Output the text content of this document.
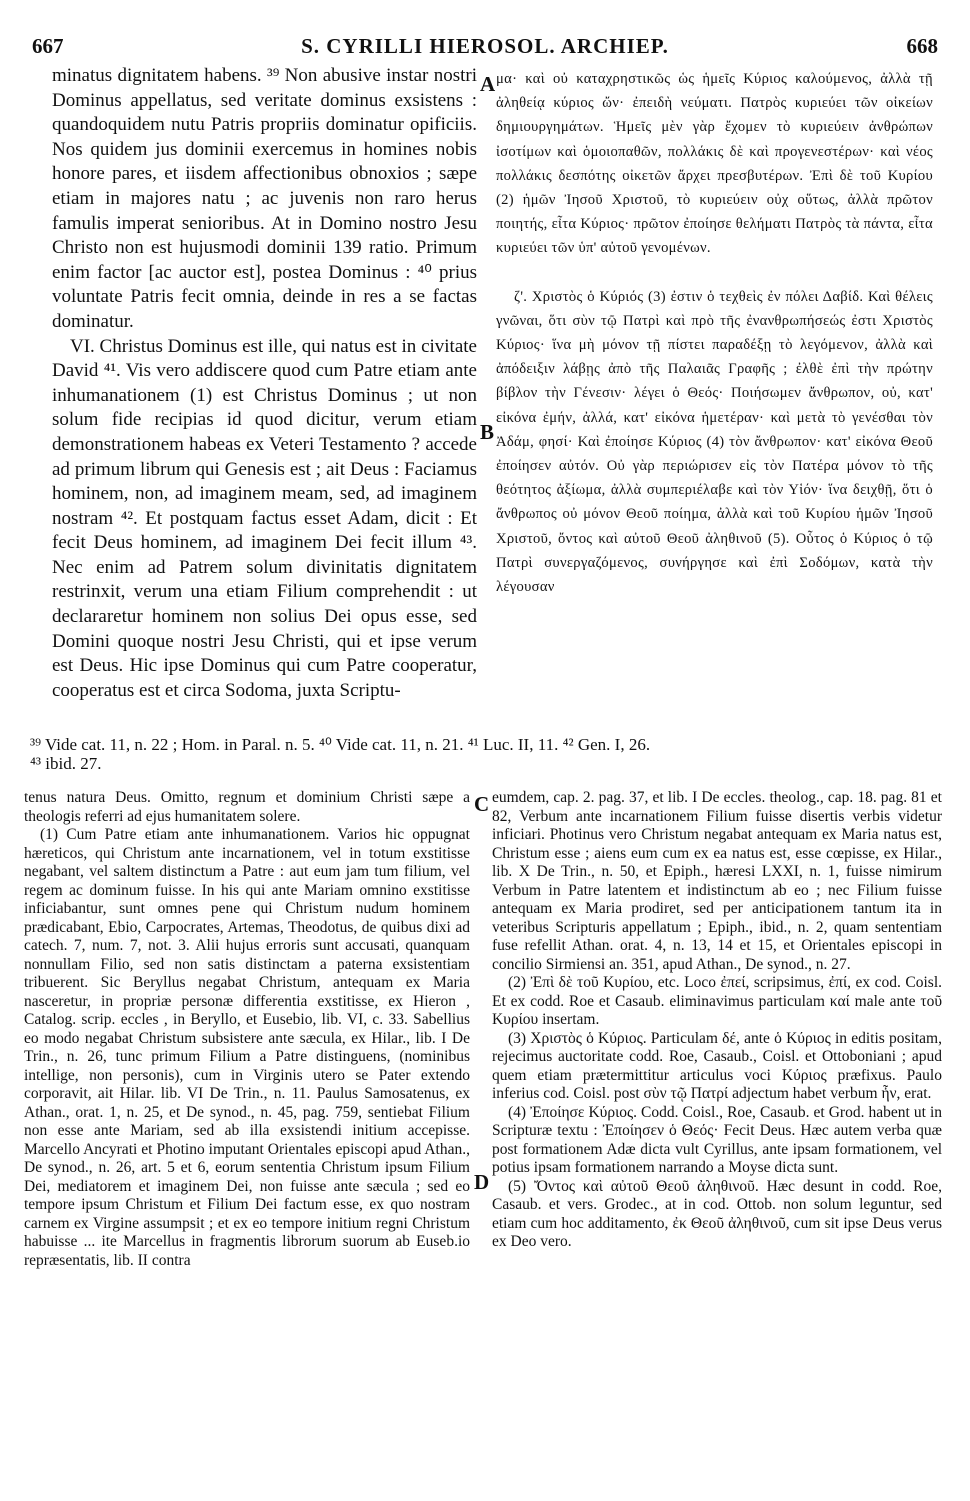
667	S. CYRILLI HIEROSOL. ARCHIEP.	668

minatus dignitatem habens. ³⁹ Non abusive instar nostri Dominus appellatus, sed veritate dominus exsistens : quandoquidem nutu Patris propriis dominatur opificiis. Nos quidem jus dominii exercemus in homines nobis honore pares, et iisdem affectionibus obnoxios ; sæpe etiam in majores natu ; ac juvenis non raro herus famulis imperat senioribus. At in Domino nostro Jesu Christo non est hujusmodi dominii 139 ratio. Primum enim factor [ac auctor est], postea Dominus : ⁴⁰ prius voluntate Patris fecit omnia, deinde in res a se factas dominatur.

VI. Christus Dominus est ille, qui natus est in civitate David ⁴¹. Vis vero addiscere quod cum Patre etiam ante inhumanationem (1) est Christus Dominus ; ut non solum fide recipias id quod dicitur, verum etiam demonstrationem habeas ex Veteri Testamento ? accede ad primum librum qui Genesis est ; ait Deus : Faciamus hominem, non, ad imaginem meam, sed, ad imaginem nostram ⁴². Et postquam factus esset Adam, dicit : Et fecit Deus hominem, ad imaginem Dei fecit illum ⁴³. Nec enim ad Patrem solum divinitatis dignitatem restrinxit, verum una etiam Filium comprehendit : ut declararetur hominem non solius Dei opus esse, sed Domini quoque nostri Jesu Christi, qui et ipse verum est Deus. Hic ipse Dominus qui cum Patre cooperatur, cooperatus est et circa Sodoma, juxta Scriptu-

A
B

μα· καὶ οὐ καταχρηστικῶς ὡς ἡμεῖς Κύριος καλούμενος, ἀλλὰ τῇ ἀληθείᾳ κύριος ὤν· ἐπειδὴ νεύματι. Πατρὸς κυριεύει τῶν οἰκείων δημιουργημάτων. Ἡμεῖς μὲν γὰρ ἔχομεν τὸ κυριεύειν ἀνθρώπων ἰσοτίμων καὶ ὁμοιοπαθῶν, πολλάκις δὲ καὶ προγενεστέρων· καὶ νέος πολλάκις δεσπότης οἰκετῶν ἄρχει πρεσβυτέρων. Ἐπὶ δὲ τοῦ Κυρίου (2) ἡμῶν Ἰησοῦ Χριστοῦ, τὸ κυριεύειν οὐχ οὕτως, ἀλλὰ πρῶτον ποιητής, εἶτα Κύριος· πρῶτον ἐποίησε θελήματι Πατρὸς τὰ πάντα, εἶτα κυριεύει τῶν ὑπ' αὐτοῦ γενομένων.

ζ'. Χριστὸς ὁ Κύριός (3) ἐστιν ὁ τεχθεὶς ἐν πόλει Δαβίδ. Καὶ θέλεις γνῶναι, ὅτι σὺν τῷ Πατρὶ καὶ πρὸ τῆς ἐνανθρωπήσεώς ἐστι Χριστὸς Κύριος· ἵνα μὴ μόνον τῇ πίστει παραδέξῃ τὸ λεγόμενον, ἀλλὰ καὶ ἀπόδειξιν λάβῃς ἀπὸ τῆς Παλαιᾶς Γραφῆς ; ἐλθὲ ἐπὶ τὴν πρώτην βίβλον τὴν Γένεσιν· λέγει ὁ Θεός· Ποιήσωμεν ἄνθρωπον, οὐ, κατ' εἰκόνα ἐμήν, ἀλλά, κατ' εἰκόνα ἡμετέραν· καὶ μετὰ τὸ γενέσθαι τὸν Ἀδάμ, φησί· Καὶ ἐποίησε Κύριος (4) τὸν ἄνθρωπον· κατ' εἰκόνα Θεοῦ ἐποίησεν αὐτόν. Οὐ γὰρ περιώρισεν εἰς τὸν Πατέρα μόνον τὸ τῆς θεότητος ἀξίωμα, ἀλλὰ συμπεριέλαβε καὶ τὸν Υἱόν· ἵνα δειχθῇ, ὅτι ὁ ἄνθρωπος οὐ μόνον Θεοῦ ποίημα, ἀλλὰ καὶ τοῦ Κυρίου ἡμῶν Ἰησοῦ Χριστοῦ, ὄντος καὶ αὐτοῦ Θεοῦ ἀληθινοῦ (5). Οὗτος ὁ Κύριος ὁ τῷ Πατρὶ συνεργαζόμενος, συνήργησε καὶ ἐπὶ Σοδόμων, κατὰ τὴν λέγουσαν

³⁹ Vide cat. 11, n. 22 ; Hom. in Paral. n. 5. ⁴⁰ Vide cat. 11, n. 21. ⁴¹ Luc. II, 11. ⁴² Gen. I, 26.
⁴³ ibid. 27.
C
D

tenus natura Deus. Omitto, regnum et dominium Christi sæpe a theologis referri ad ejus humanitatem solere.

(1) Cum Patre etiam ante inhumanationem. Varios hic oppugnat hæreticos, qui Christum ante incarnationem, vel in totum exstitisse negabant, vel saltem distinctum a Patre : aut eum jam tum filium, vel regem ac dominum fuisse. In his qui ante Mariam omnino exstitisse inficiabantur, sunt omnes pene qui Christum nudum hominem prædicabant, Ebio, Carpocrates, Artemas, Theodotus, de quibus dixi ad catech. 7, num. 7, not. 3. Alii hujus erroris sunt accusati, quanquam nonnullam Filio, sed non satis distinctam a paterna exsistentiam tribuerent. Sic Beryllus negabat Christum, antequam ex Maria nasceretur, in propriæ personæ differentia exstitisse, ex Hieron , Catalog. scrip. eccles , in Beryllo, et Eusebio, lib. VI, c. 33. Sabellius eo modo negabat Christum subsistere ante sæcula, ex Hilar., lib. I De Trin., n. 26, tunc primum Filium a Patre distinguens, (nominibus intellige, non personis), cum in Virginis utero se Pater extendo corporavit, ait Hilar. lib. VI De Trin., n. 11. Paulus Samosatenus, ex Athan., orat. 1, n. 25, et De synod., n. 45, pag. 759, sentiebat Filium non esse ante Mariam, sed ab illa exsistendi initium accepisse. Marcello Ancyrati et Photino imputant Orientales episcopi apud Athan., De synod., n. 26, art. 5 et 6, eorum sententia Christum ipsum Filium Dei, mediatorem et imaginem Dei, non fuisse ante sæcula ; sed eo tempore ipsum Christum et Filium Dei factum esse, ex quo nostram carnem ex Virgine assumpsit ; et ex eo tempore initium regni Christum habuisse ... ite Marcellus in fragmentis librorum suorum ab Euseb.io repræsentatis, lib. II contra

eumdem, cap. 2. pag. 37, et lib. I De eccles. theolog., cap. 18. pag. 81 et 82, Verbum ante incarnationem Filium fuisse disertis verbis videtur inficiari. Photinus vero Christum negabat antequam ex Maria natus est, Christum esse ; aiens eum cum ex ea natus est, esse cœpisse, ex Hilar., lib. X De Trin., n. 50, et Epiph., hæresi LXXI, n. 1, fuisse nimirum Verbum in Patre latentem et indistinctum ab eo ; nec Filium fuisse antequam ex Maria prodiret, sed per anticipationem tantum ita in veteribus Scripturis appellatum ; Epiph., ibid., n. 2, quam sententiam fuse refellit Athan. orat. 4, n. 13, 14 et 15, et Orientales episcopi in concilio Sirmiensi an. 351, apud Athan., De synod., n. 27.

(2) Ἐπὶ δὲ τοῦ Κυρίου, etc. Loco ἐπεί, scripsimus, ἐπί, ex cod. Coisl. Et ex codd. Roe et Casaub. eliminavimus particulam καί male ante τοῦ Κυρίου insertam.

(3) Χριστὸς ὁ Κύριος. Particulam δέ, ante ὁ Κύριος in editis positam, rejecimus auctoritate codd. Roe, Casaub., Coisl. et Ottoboniani ; apud quem etiam prætermittitur articulus voci Κύριος præfixus. Paulo inferius cod. Coisl. post σὺν τῷ Πατρί adjectum habet verbum ἦν, erat.

(4) Ἐποίησε Κύριος. Codd. Coisl., Roe, Casaub. et Grod. habent ut in Scripturæ textu : Ἐποίησεν ὁ Θεός· Fecit Deus. Hæc autem verba quæ post formationem Adæ dicta vult Cyrillus, ante ipsam formationem, vel potius ipsam formationem narrando a Moyse dicta sunt.

(5) Ὄντος καὶ αὐτοῦ Θεοῦ ἀληθινοῦ. Hæc desunt in codd. Roe, Casaub. et vers. Grodec., at in cod. Ottob. non solum leguntur, sed etiam cum hoc additamento, ἐκ Θεοῦ ἀληθινοῦ, cum sit ipse Deus verus ex Deo vero.
